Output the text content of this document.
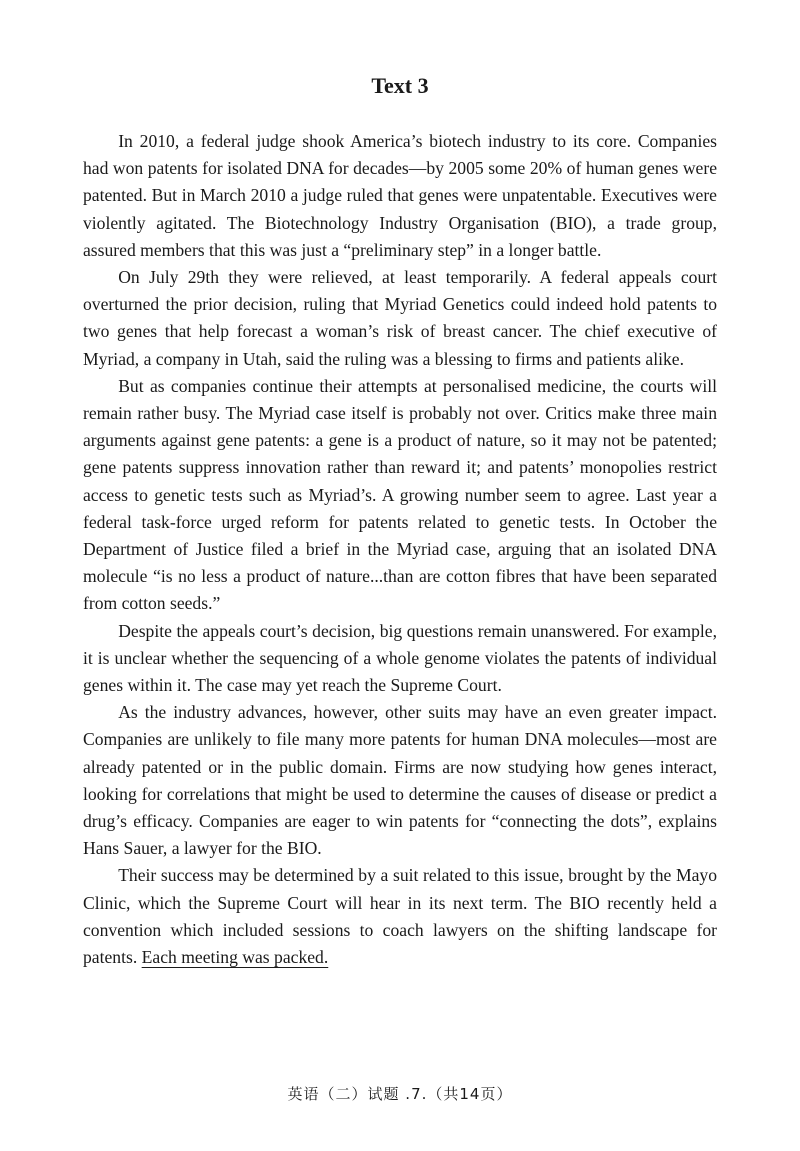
Text 3

In 2010, a federal judge shook America’s biotech industry to its core. Companies had won patents for isolated DNA for decades—by 2005 some 20% of human genes were patented. But in March 2010 a judge ruled that genes were unpatentable. Executives were violently agitated. The Biotechnology Industry Organisation (BIO), a trade group, assured members that this was just a “preliminary step” in a longer battle.

On July 29th they were relieved, at least temporarily. A federal appeals court overturned the prior decision, ruling that Myriad Genetics could indeed hold patents to two genes that help forecast a woman’s risk of breast cancer. The chief executive of Myriad, a company in Utah, said the ruling was a blessing to firms and patients alike.

But as companies continue their attempts at personalised medicine, the courts will remain rather busy. The Myriad case itself is probably not over. Critics make three main arguments against gene patents: a gene is a product of nature, so it may not be patented; gene patents suppress innovation rather than reward it; and patents’ monopolies restrict access to genetic tests such as Myriad’s. A growing number seem to agree. Last year a federal task-force urged reform for patents related to genetic tests. In October the Department of Justice filed a brief in the Myriad case, arguing that an isolated DNA molecule “is no less a product of nature...than are cotton fibres that have been separated from cotton seeds.”

Despite the appeals court’s decision, big questions remain unanswered. For example, it is unclear whether the sequencing of a whole genome violates the patents of individual genes within it. The case may yet reach the Supreme Court.

As the industry advances, however, other suits may have an even greater impact. Companies are unlikely to file many more patents for human DNA molecules—most are already patented or in the public domain. Firms are now studying how genes interact, looking for correlations that might be used to determine the causes of disease or predict a drug’s efficacy. Companies are eager to win patents for “connecting the dots”, explains Hans Sauer, a lawyer for the BIO.

Their success may be determined by a suit related to this issue, brought by the Mayo Clinic, which the Supreme Court will hear in its next term. The BIO recently held a convention which included sessions to coach lawyers on the shifting landscape for patents. Each meeting was packed.

英语（二）试题 .7.（共14页）
